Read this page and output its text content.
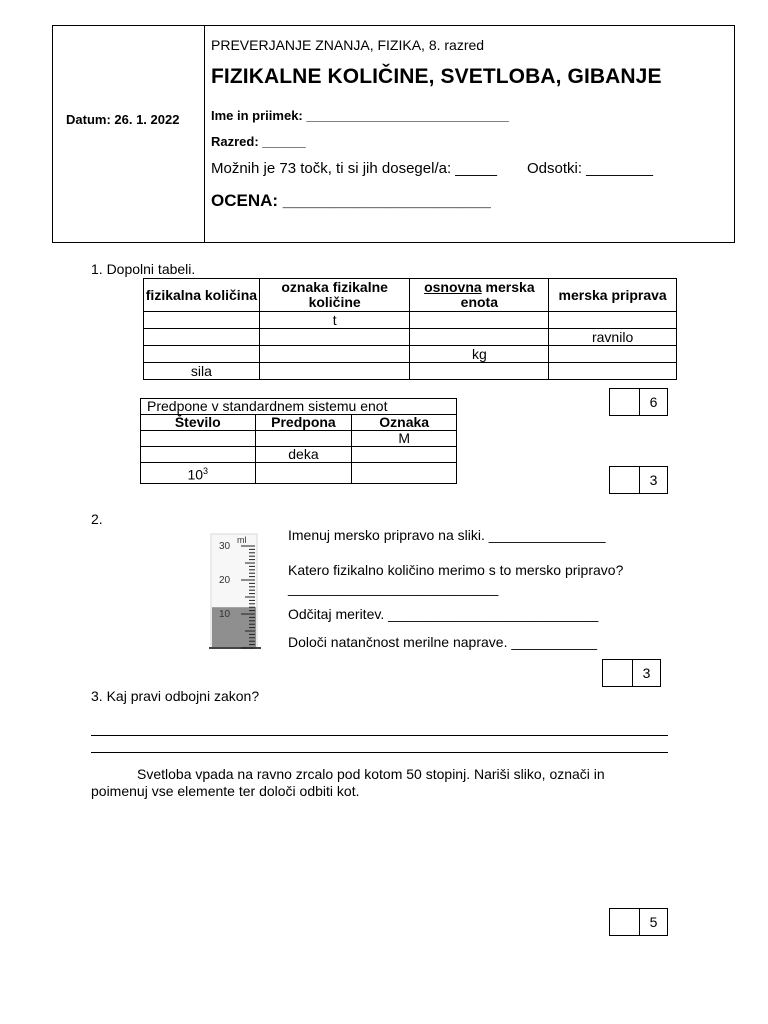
Datum: 26. 1. 2022
PREVERJANJE ZNANJA, FIZIKA, 8. razred
FIZIKALNE KOLIČINE, SVETLOBA, GIBANJE
Ime in priimek: ____________________________
Razred: ______
Možnih je 73 točk, ti si jih dosegel/a: _____ Odsotki: ________
OCENA: ______________________
1. Dopolni tabeli.
fizikalna količina	oznaka fizikalne količine	osnovna merska enota	merska priprava
	t		
			ravnilo
		kg	
sila			
6
Predpone v standardnem sistemu enot		
Število	Predpona	Oznaka
		M
	deka	
$10^3$		
3
2.
30
20
10
ml	Imenuj mersko pripravo na sliki. _______________
Katero fizikalno količino merimo s to mersko pripravo?
___________________________
Odčitaj meritev. ___________________________
Določi natančnost merilne naprave. ___________
3
3. Kaj pravi odbojni zakon?
Svetloba vpada na ravno zrcalo pod kotom 50 stopinj. Nariši sliko, označi in
poimenuj vse elemente ter določi odbiti kot.
5
